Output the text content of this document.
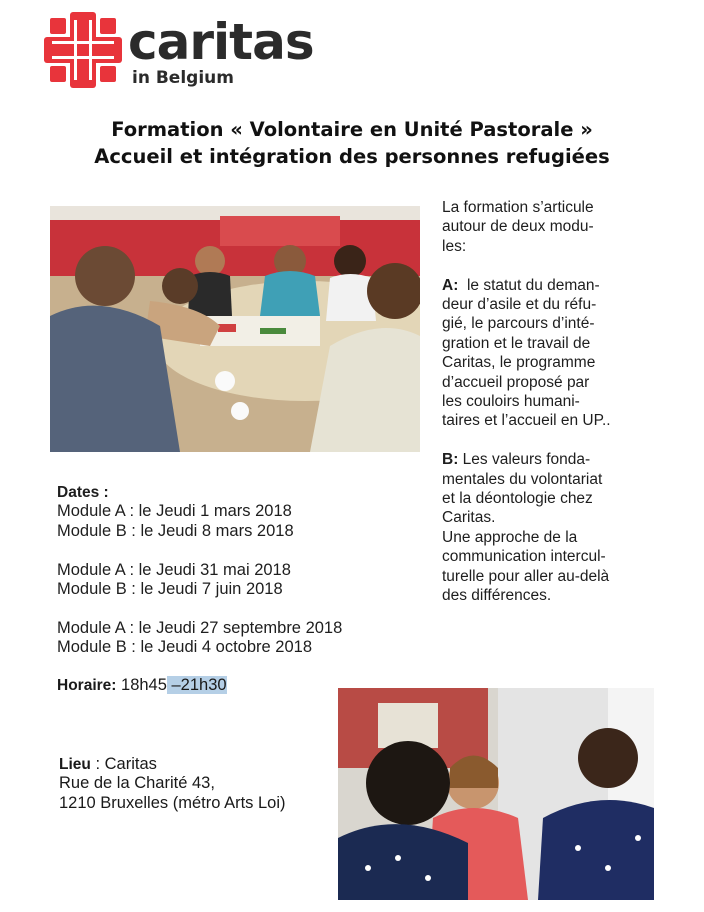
caritas
in Belgium
Formation « Volontaire en Unité Pastorale »
Accueil et intégration des personnes refugiées

La formation s’articule
autour de deux modu-
les:

A: le statut du deman-
deur d’asile et du réfu-
gié, le parcours d’inté-
gration et le travail de
Caritas, le programme
d’accueil proposé par
les couloirs humani-
taires et l’accueil en UP..

B: Les valeurs fonda-
mentales du volontariat
et la déontologie chez
Caritas.
Une approche de la
communication intercul-
turelle pour aller au-delà
des différences.

Dates :
Module A : le Jeudi 1 mars 2018
Module B : le Jeudi 8 mars 2018
Module A : le Jeudi 31 mai 2018
Module B : le Jeudi 7 juin 2018
Module A : le Jeudi 27 septembre 2018
Module B : le Jeudi 4 octobre 2018
Horaire: 18h45 –21h30
Lieu : Caritas
Rue de la Charité 43,
1210 Bruxelles (métro Arts Loi)
